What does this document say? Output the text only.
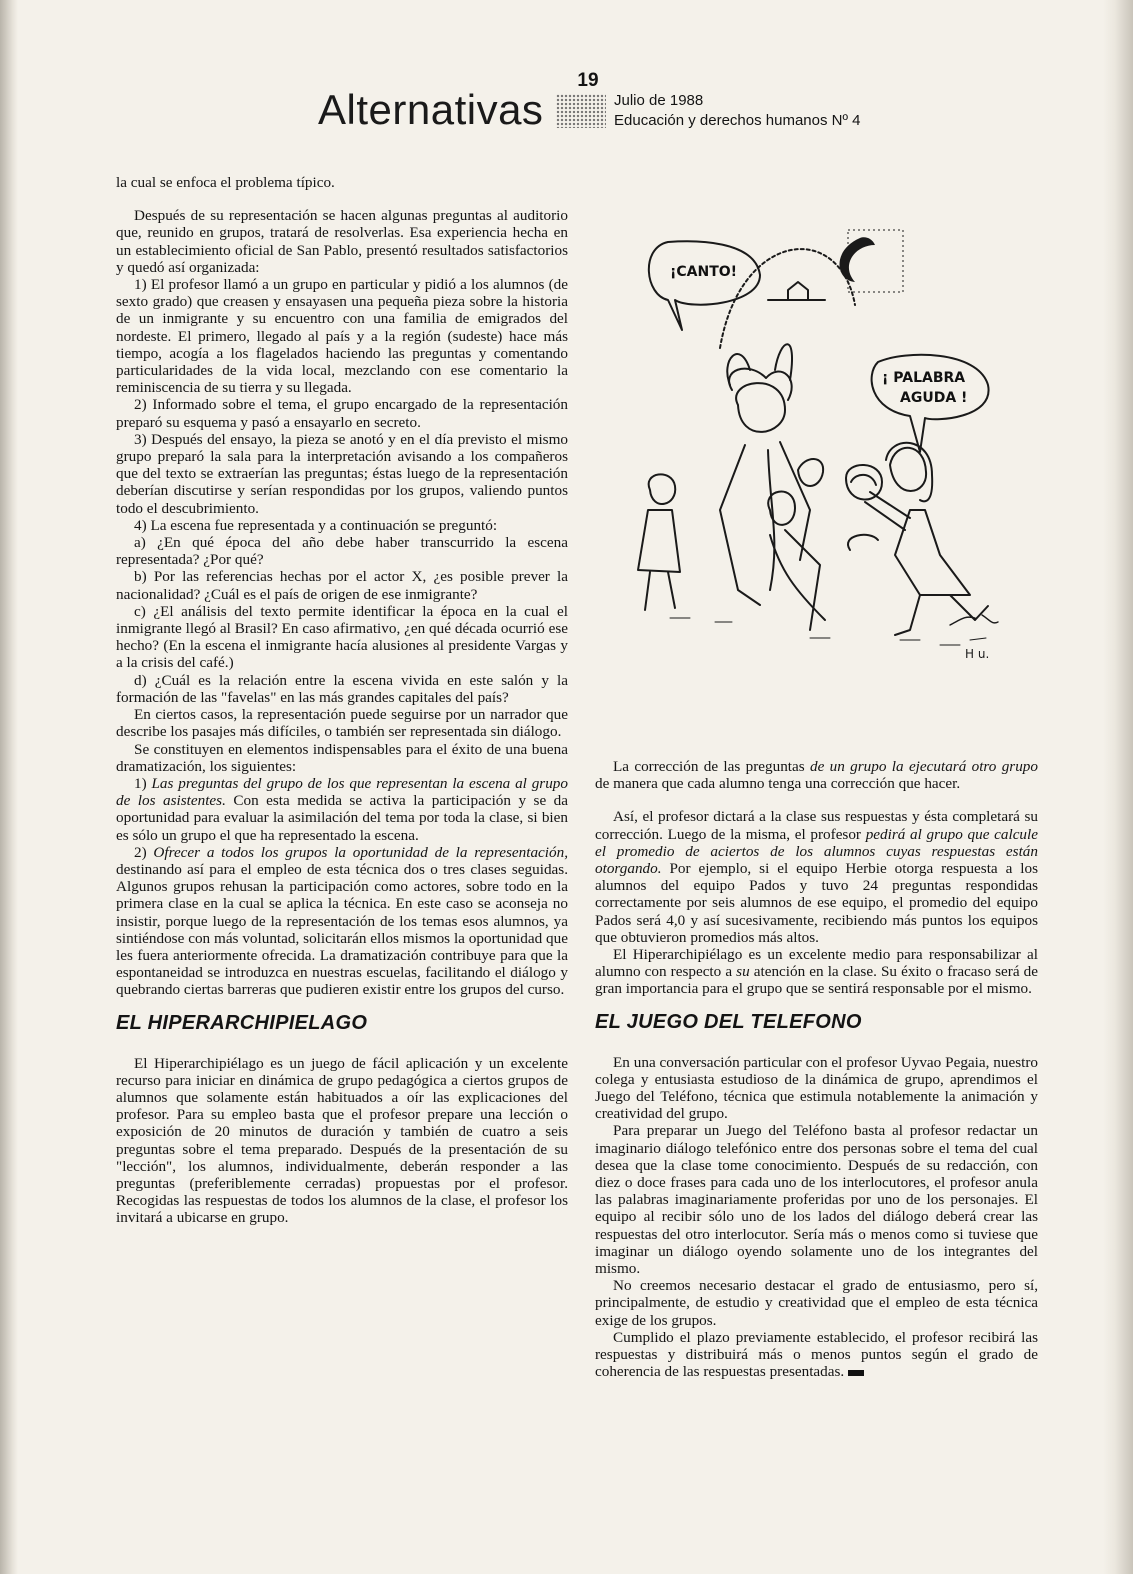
Alternativas
19
Julio de 1988
Educación y derechos humanos Nº 4

la cual se enfoca el problema típico.

Después de su representación se hacen algunas preguntas al auditorio que, reunido en grupos, tratará de resolverlas. Esa experiencia hecha en un establecimiento oficial de San Pablo, presentó resultados satisfactorios y quedó así organizada:

1) El profesor llamó a un grupo en particular y pidió a los alumnos (de sexto grado) que creasen y ensayasen una pequeña pieza sobre la historia de un inmigrante y su encuentro con una familia de emigrados del nordeste. El primero, llegado al país y a la región (sudeste) hace más tiempo, acogía a los flagelados haciendo las preguntas y comentando particularidades de la vida local, mezclando con ese comentario la reminiscencia de su tierra y su llegada.

2) Informado sobre el tema, el grupo encargado de la representación preparó su esquema y pasó a ensayarlo en secreto.

3) Después del ensayo, la pieza se anotó y en el día previsto el mismo grupo preparó la sala para la interpretación avisando a los compañeros que del texto se extraerían las preguntas; éstas luego de la representación deberían discutirse y serían respondidas por los grupos, valiendo puntos todo el descubrimiento.

4) La escena fue representada y a continuación se preguntó:

a) ¿En qué época del año debe haber transcurrido la escena representada? ¿Por qué?

b) Por las referencias hechas por el actor X, ¿es posible prever la nacionalidad? ¿Cuál es el país de origen de ese inmigrante?

c) ¿El análisis del texto permite identificar la época en la cual el inmigrante llegó al Brasil? En caso afirmativo, ¿en qué década ocurrió ese hecho? (En la escena el inmigrante hacía alusiones al presidente Vargas y a la crisis del café.)

d) ¿Cuál es la relación entre la escena vivida en este salón y la formación de las "favelas" en las más grandes capitales del país?

En ciertos casos, la representación puede seguirse por un narrador que describe los pasajes más difíciles, o también ser representada sin diálogo.

Se constituyen en elementos indispensables para el éxito de una buena dramatización, los siguientes:

1) Las preguntas del grupo de los que representan la escena al grupo de los asistentes. Con esta medida se activa la participación y se da oportunidad para evaluar la asimilación del tema por toda la clase, si bien es sólo un grupo el que ha representado la escena.

2) Ofrecer a todos los grupos la oportunidad de la representación, destinando así para el empleo de esta técnica dos o tres clases seguidas. Algunos grupos rehusan la participación como actores, sobre todo en la primera clase en la cual se aplica la técnica. En este caso se aconseja no insistir, porque luego de la representación de los temas esos alumnos, ya sintiéndose con más voluntad, solicitarán ellos mismos la oportunidad que les fuera anteriormente ofrecida. La dramatización contribuye para que la espontaneidad se introduzca en nuestras escuelas, facilitando el diálogo y quebrando ciertas barreras que pudieren existir entre los grupos del curso.

EL HIPERARCHIPIELAGO

El Hiperarchipiélago es un juego de fácil aplicación y un excelente recurso para iniciar en dinámica de grupo pedagógica a ciertos grupos de alumnos que solamente están habituados a oír las explicaciones del profesor. Para su empleo basta que el profesor prepare una lección o exposición de 20 minutos de duración y también de cuatro a seis preguntas sobre el tema preparado. Después de la presentación de su "lección", los alumnos, individualmente, deberán responder a las preguntas (preferiblemente cerradas) propuestas por el profesor. Recogidas las respuestas de todos los alumnos de la clase, el profesor los invitará a ubicarse en grupo.

¡CANTO!
¡ PALABRA
AGUDA !
H u.

La corrección de las preguntas de un grupo la ejecutará otro grupo de manera que cada alumno tenga una corrección que hacer.

Así, el profesor dictará a la clase sus respuestas y ésta completará su corrección. Luego de la misma, el profesor pedirá al grupo que calcule el promedio de aciertos de los alumnos cuyas respuestas están otorgando. Por ejemplo, si el equipo Herbie otorga respuesta a los alumnos del equipo Pados y tuvo 24 preguntas respondidas correctamente por seis alumnos de ese equipo, el promedio del equipo Pados será 4,0 y así sucesivamente, recibiendo más puntos los equipos que obtuvieron promedios más altos.

El Hiperarchipiélago es un excelente medio para responsabilizar al alumno con respecto a su atención en la clase. Su éxito o fracaso será de gran importancia para el grupo que se sentirá responsable por el mismo.

EL JUEGO DEL TELEFONO

En una conversación particular con el profesor Uyvao Pegaia, nuestro colega y entusiasta estudioso de la dinámica de grupo, aprendimos el Juego del Teléfono, técnica que estimula notablemente la animación y creatividad del grupo.

Para preparar un Juego del Teléfono basta al profesor redactar un imaginario diálogo telefónico entre dos personas sobre el tema del cual desea que la clase tome conocimiento. Después de su redacción, con diez o doce frases para cada uno de los interlocutores, el profesor anula las palabras imaginariamente proferidas por uno de los personajes. El equipo al recibir sólo uno de los lados del diálogo deberá crear las respuestas del otro interlocutor. Sería más o menos como si tuviese que imaginar un diálogo oyendo solamente uno de los integrantes del mismo.

No creemos necesario destacar el grado de entusiasmo, pero sí, principalmente, de estudio y creatividad que el empleo de esta técnica exige de los grupos.

Cumplido el plazo previamente establecido, el profesor recibirá las respuestas y distribuirá más o menos puntos según el grado de coherencia de las respuestas presentadas.
